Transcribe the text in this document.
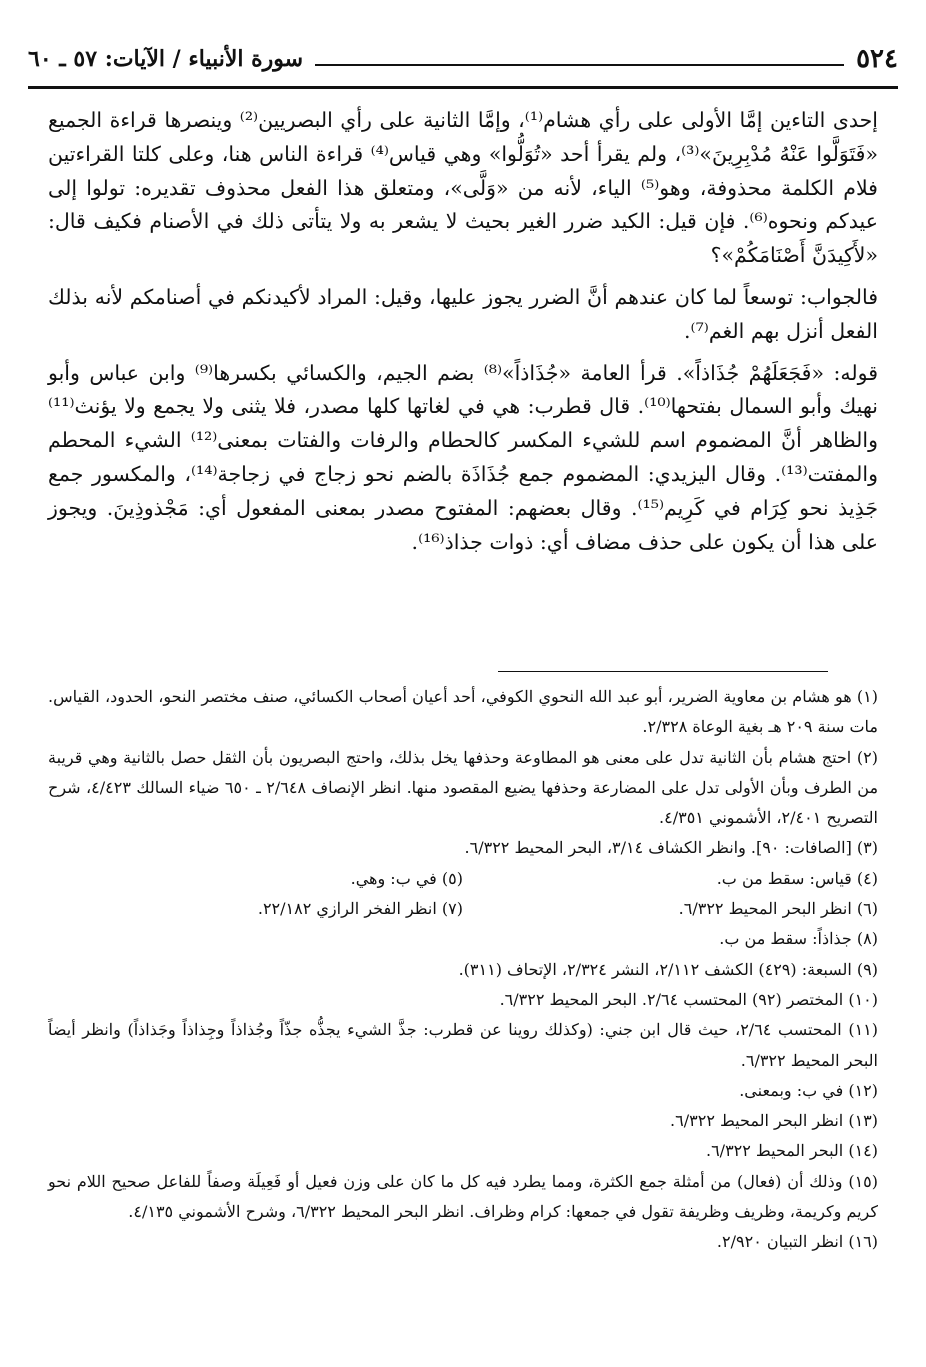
٥٢٤
سورة الأنبياء / الآيات: ٥٧ ـ ٦٠

إحدى التاءين إمَّا الأولى على رأي هشام⁽¹⁾، وإمَّا الثانية على رأي البصريين⁽²⁾ وينصرها قراءة الجميع «فَتَوَلَّوا عَنْهُ مُدْبِرِينَ»⁽³⁾، ولم يقرأ أحد «تُوَلُّوا» وهي قياس⁽⁴⁾ قراءة الناس هنا، وعلى كلتا القراءتين فلام الكلمة محذوفة، وهو⁽⁵⁾ الياء، لأنه من «وَلَّى»، ومتعلق هذا الفعل محذوف تقديره: تولوا إلى عيدكم ونحوه⁽⁶⁾. فإن قيل: الكيد ضرر الغير بحيث لا يشعر به ولا يتأتى ذلك في الأصنام فكيف قال: «لأَكِيدَنَّ أَصْنَامَكُمْ»؟

فالجواب: توسعاً لما كان عندهم أنَّ الضرر يجوز عليها، وقيل: المراد لأكيدنكم في أصنامكم لأنه بذلك الفعل أنزل بهم الغم⁽⁷⁾.

قوله: «فَجَعَلَهُمْ جُذَاذاً». قرأ العامة «جُذَاذاً»⁽⁸⁾ بضم الجيم، والكسائي بكسرها⁽⁹⁾ وابن عباس وأبو نهيك وأبو السمال بفتحها⁽¹⁰⁾. قال قطرب: هي في لغاتها كلها مصدر، فلا يثنى ولا يجمع ولا يؤنث⁽¹¹⁾ والظاهر أنَّ المضموم اسم للشيء المكسر كالحطام والرفات والفتات بمعنى⁽¹²⁾ الشيء المحطم والمفتت⁽¹³⁾. وقال اليزيدي: المضموم جمع جُذَاذَة بالضم نحو زجاج في زجاجة⁽¹⁴⁾، والمكسور جمع جَذِيذ نحو كِرَام في كَرِيم⁽¹⁵⁾. وقال بعضهم: المفتوح مصدر بمعنى المفعول أي: مَجْذوذِينَ. ويجوز على هذا أن يكون على حذف مضاف أي: ذوات جذاذ⁽¹⁶⁾.

(١) هو هشام بن معاوية الضرير، أبو عبد الله النحوي الكوفي، أحد أعيان أصحاب الكسائي، صنف مختصر النحو، الحدود، القياس. مات سنة ٢٠٩ هـ بغية الوعاة ٢/٣٢٨.

(٢) احتج هشام بأن الثانية تدل على معنى هو المطاوعة وحذفها يخل بذلك، واحتج البصريون بأن الثقل حصل بالثانية وهي قريبة من الطرف وبأن الأولى تدل على المضارعة وحذفها يضيع المقصود منها. انظر الإنصاف ٢/٦٤٨ ـ ٦٥٠ ضياء السالك ٤/٤٢٣، شرح التصريح ٢/٤٠١، الأشموني ٤/٣٥١.

(٣) [الصافات: ٩٠]. وانظر الكشاف ٣/١٤، البحر المحيط ٦/٣٢٢.

(٤) قياس: سقط من ب.
(٥) في ب: وهي.
(٦) انظر البحر المحيط ٦/٣٢٢.
(٧) انظر الفخر الرازي ٢٢/١٨٢.

(٨) جذاذاً: سقط من ب.

(٩) السبعة: (٤٢٩) الكشف ٢/١١٢، النشر ٢/٣٢٤، الإتحاف (٣١١).

(١٠) المختصر (٩٢) المحتسب ٢/٦٤. البحر المحيط ٦/٣٢٢.

(١١) المحتسب ٢/٦٤، حيث قال ابن جني: (وكذلك روينا عن قطرب: جذَّ الشيء يجذُّه جذّاً وجُذاذاً وجِذاذاً وجَذاذاً) وانظر أيضاً البحر المحيط ٦/٣٢٢.

(١٢) في ب: وبمعنى.

(١٣) انظر البحر المحيط ٦/٣٢٢.

(١٤) البحر المحيط ٦/٣٢٢.

(١٥) وذلك أن (فعال) من أمثلة جمع الكثرة، ومما يطرد فيه كل ما كان على وزن فعيل أو فَعِيلَة وصفاً للفاعل صحيح اللام نحو كريم وكريمة، وظريف وظريفة تقول في جمعها: كرام وظراف. انظر البحر المحيط ٦/٣٢٢، وشرح الأشموني ٤/١٣٥.

(١٦) انظر التبيان ٢/٩٢٠.
